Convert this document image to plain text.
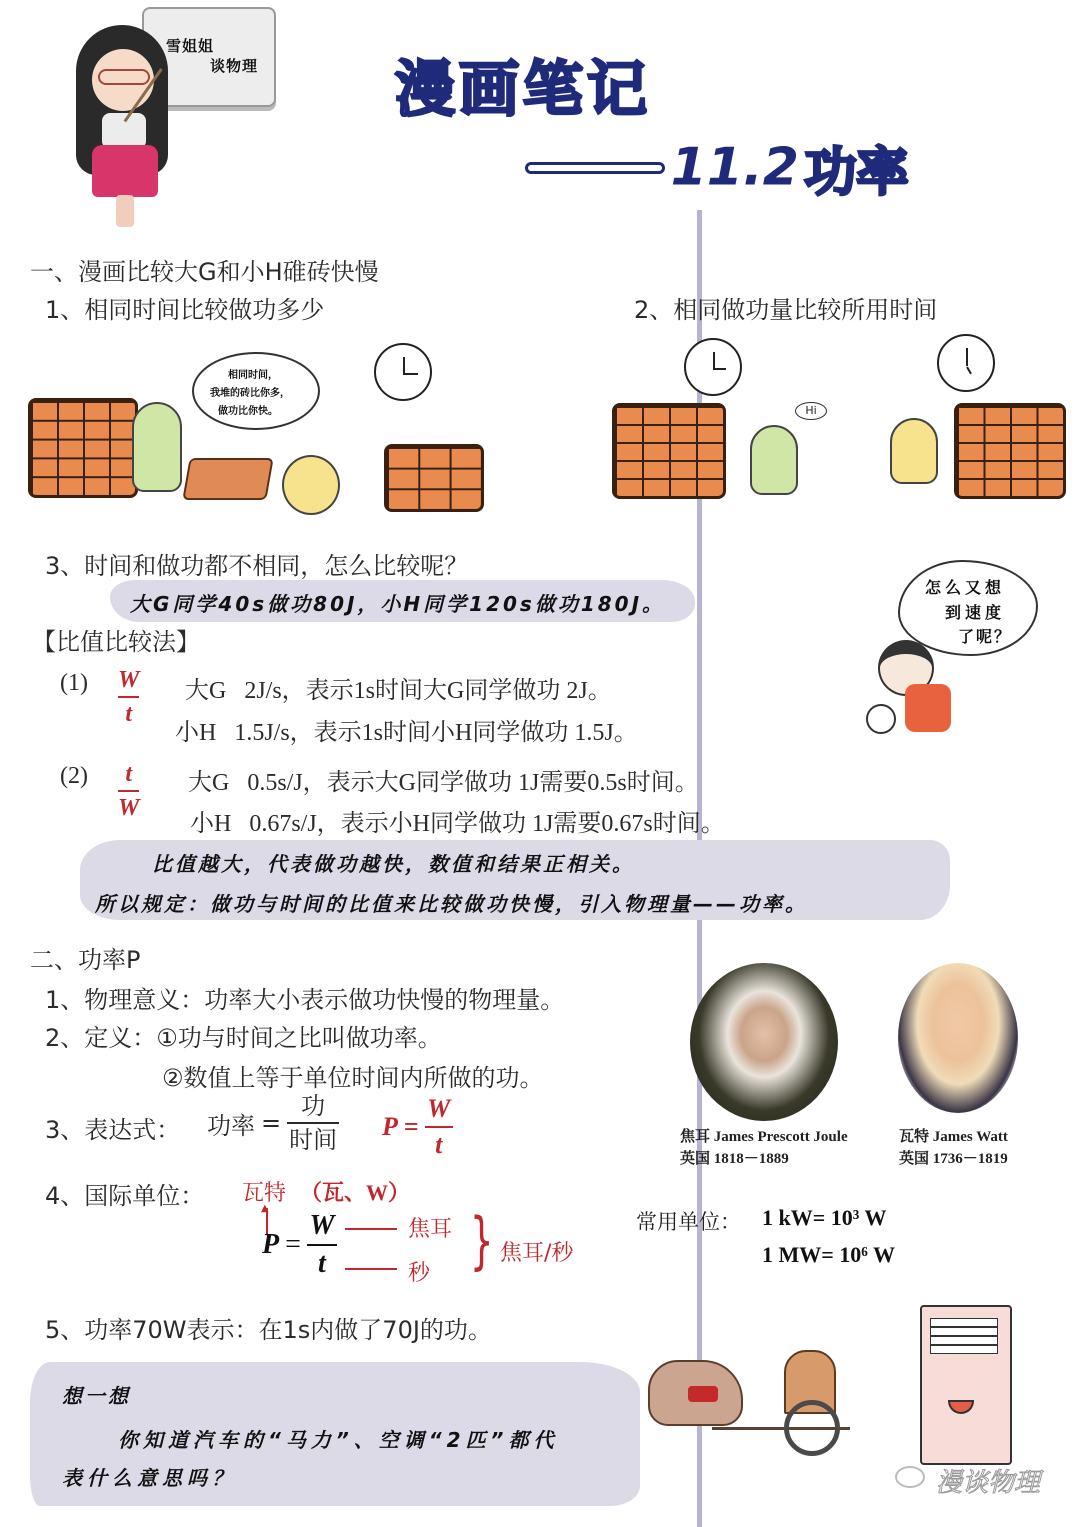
雪姐姐
谈物理 漫画笔记
11.2 功率
一、漫画比较大G和小H碓砖快慢
1、相同时间比较做功多少	2、相同做功量比较所用时间
相同时间，
我堆的砖比你多，
做功比你快。	Hi
3、时间和做功都不相同，怎么比较呢？
大G同学40s做功80J，小H同学120s做功180J。
怎么又想
到速度
了呢？
【比值比较法】
(1) W
t
大G   2J/s，表示1s时间大G同学做功 2J。
小H   1.5J/s，表示1s时间小H同学做功 1.5J。
(2) t
W
大G   0.5s/J，表示大G同学做功 1J需要0.5s时间。
小H   0.67s/J，表示小H同学做功 1J需要0.67s时间。
比值越大，代表做功越快，数值和结果正相关。
所以规定：做功与时间的比值来比较做功快慢，引入物理量——功率。
二、功率P
1、物理意义：功率大小表示做功快慢的物理量。
2、定义：①功与时间之比叫做功率。
②数值上等于单位时间内所做的功。
3、表达式： 功率 = $\frac{\text{功}}{\text{时间}}$ $P = \frac{W}{t}$
4、国际单位： 瓦特 （瓦、W）
▲
$P = \frac{W}{t}$	焦耳
秒 } 焦耳/秒
5、功率70W表示：在1s内做了70J的功。
焦耳 James Prescott Joule
英国 1818－1889
瓦特 James Watt
英国 1736－1819
常用单位： 1 kW= 10³ W
1 MW= 10⁶ W
想一想
你知道汽车的“马力”、空调“2匹”都代
表什么意思吗？	漫谈物理
